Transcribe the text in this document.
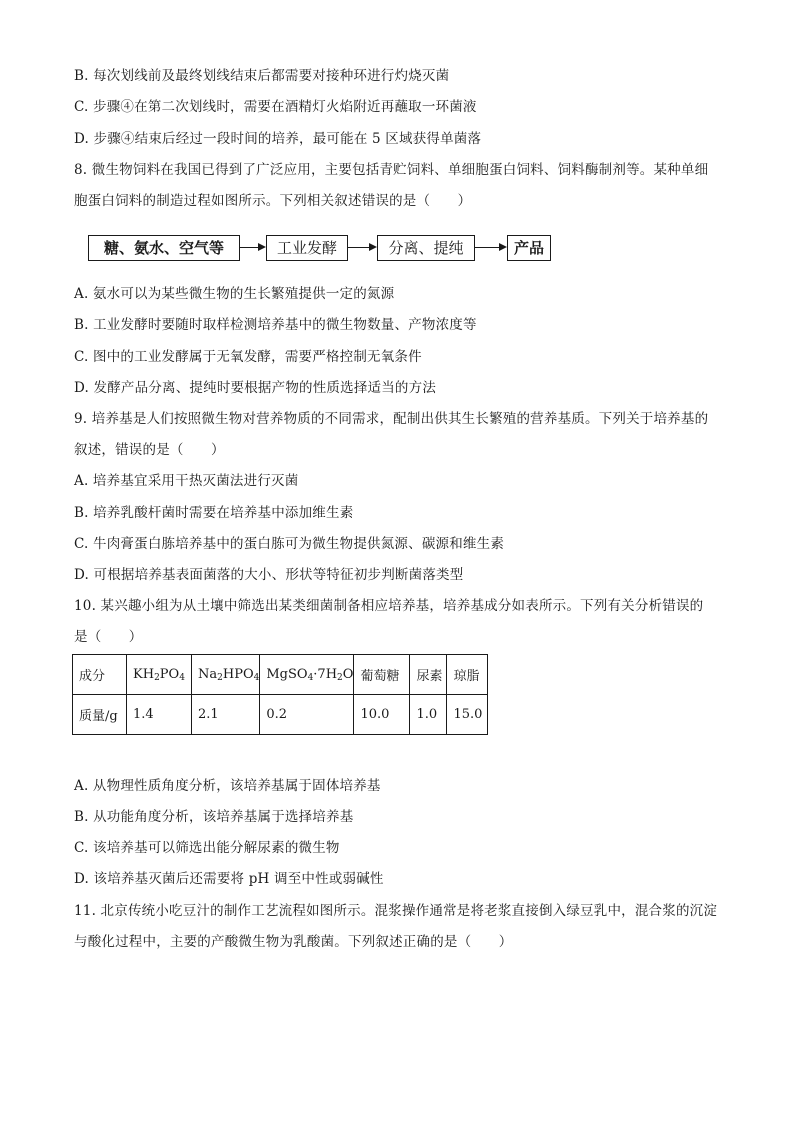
B. 每次划线前及最终划线结束后都需要对接种环进行灼烧灭菌
C. 步骤④在第二次划线时，需要在酒精灯火焰附近再蘸取一环菌液
D. 步骤④结束后经过一段时间的培养，最可能在 5 区域获得单菌落
8. 微生物饲料在我国已得到了广泛应用，主要包括青贮饲料、单细胞蛋白饲料、饲料酶制剂等。某种单细
胞蛋白饲料的制造过程如图所示。下列相关叙述错误的是（　　）
糖、氨水、空气等	工业发酵	分离、提纯	产品
A. 氨水可以为某些微生物的生长繁殖提供一定的氮源
B. 工业发酵时要随时取样检测培养基中的微生物数量、产物浓度等
C. 图中的工业发酵属于无氧发酵，需要严格控制无氧条件
D. 发酵产品分离、提纯时要根据产物的性质选择适当的方法
9. 培养基是人们按照微生物对营养物质的不同需求，配制出供其生长繁殖的营养基质。下列关于培养基的
叙述，错误的是（　　）
A. 培养基宜采用干热灭菌法进行灭菌
B. 培养乳酸杆菌时需要在培养基中添加维生素
C. 牛肉膏蛋白胨培养基中的蛋白胨可为微生物提供氮源、碳源和维生素
D. 可根据培养基表面菌落的大小、形状等特征初步判断菌落类型
10. 某兴趣小组为从土壤中筛选出某类细菌制备相应培养基，培养基成分如表所示。下列有关分析错误的
是（　　）
成分	$KH_2PO_4$	$Na_2HPO_4$	$MgSO_4\cdot 7H_2O$	葡萄糖	尿素	琼脂
质量/g	1.4	2.1	0.2	10.0	1.0	15.0
A. 从物理性质角度分析，该培养基属于固体培养基
B. 从功能角度分析，该培养基属于选择培养基
C. 该培养基可以筛选出能分解尿素的微生物
D. 该培养基灭菌后还需要将 pH 调至中性或弱碱性
11. 北京传统小吃豆汁的制作工艺流程如图所示。混浆操作通常是将老浆直接倒入绿豆乳中，混合浆的沉淀
与酸化过程中，主要的产酸微生物为乳酸菌。下列叙述正确的是（　　）
